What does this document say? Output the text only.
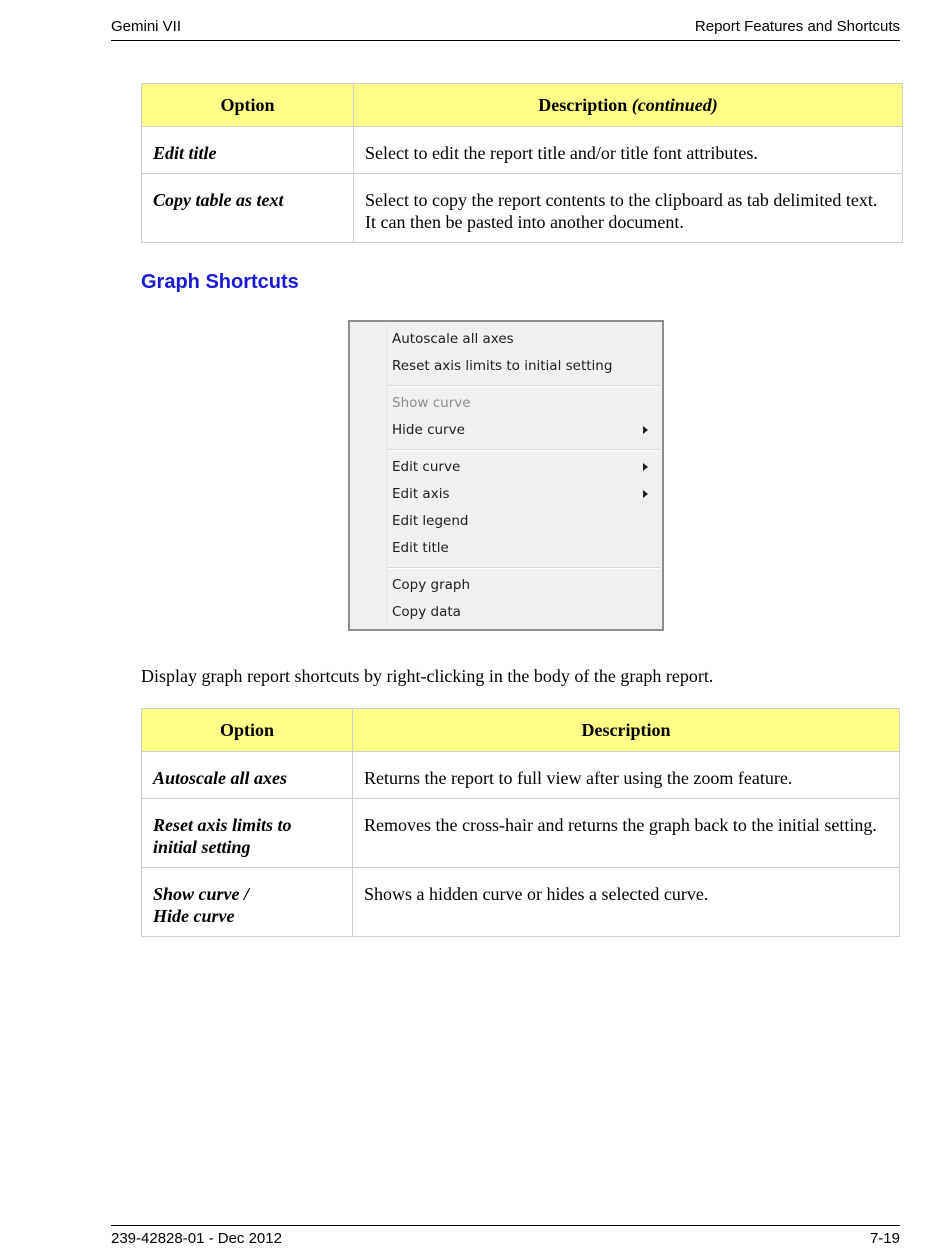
Gemini VII	Report Features and Shortcuts
Option	Description (continued)
Edit title	Select to edit the report title and/or title font attributes.
Copy table as text	Select to copy the report contents to the clipboard as tab delimited text. It can then be pasted into another document.
Graph Shortcuts
Autoscale all axes
Reset axis limits to initial setting
Show curve
Hide curve
Edit curve
Edit axis
Edit legend
Edit title
Copy graph
Copy data
Display graph report shortcuts by right-clicking in the body of the graph report.
Option	Description
Autoscale all axes	Returns the report to full view after using the zoom feature.
Reset axis limits to
initial setting	Removes the cross-hair and returns the graph back to the initial setting.
Show curve /
Hide curve	Shows a hidden curve or hides a selected curve.
239-42828-01 - Dec 2012	7-19
